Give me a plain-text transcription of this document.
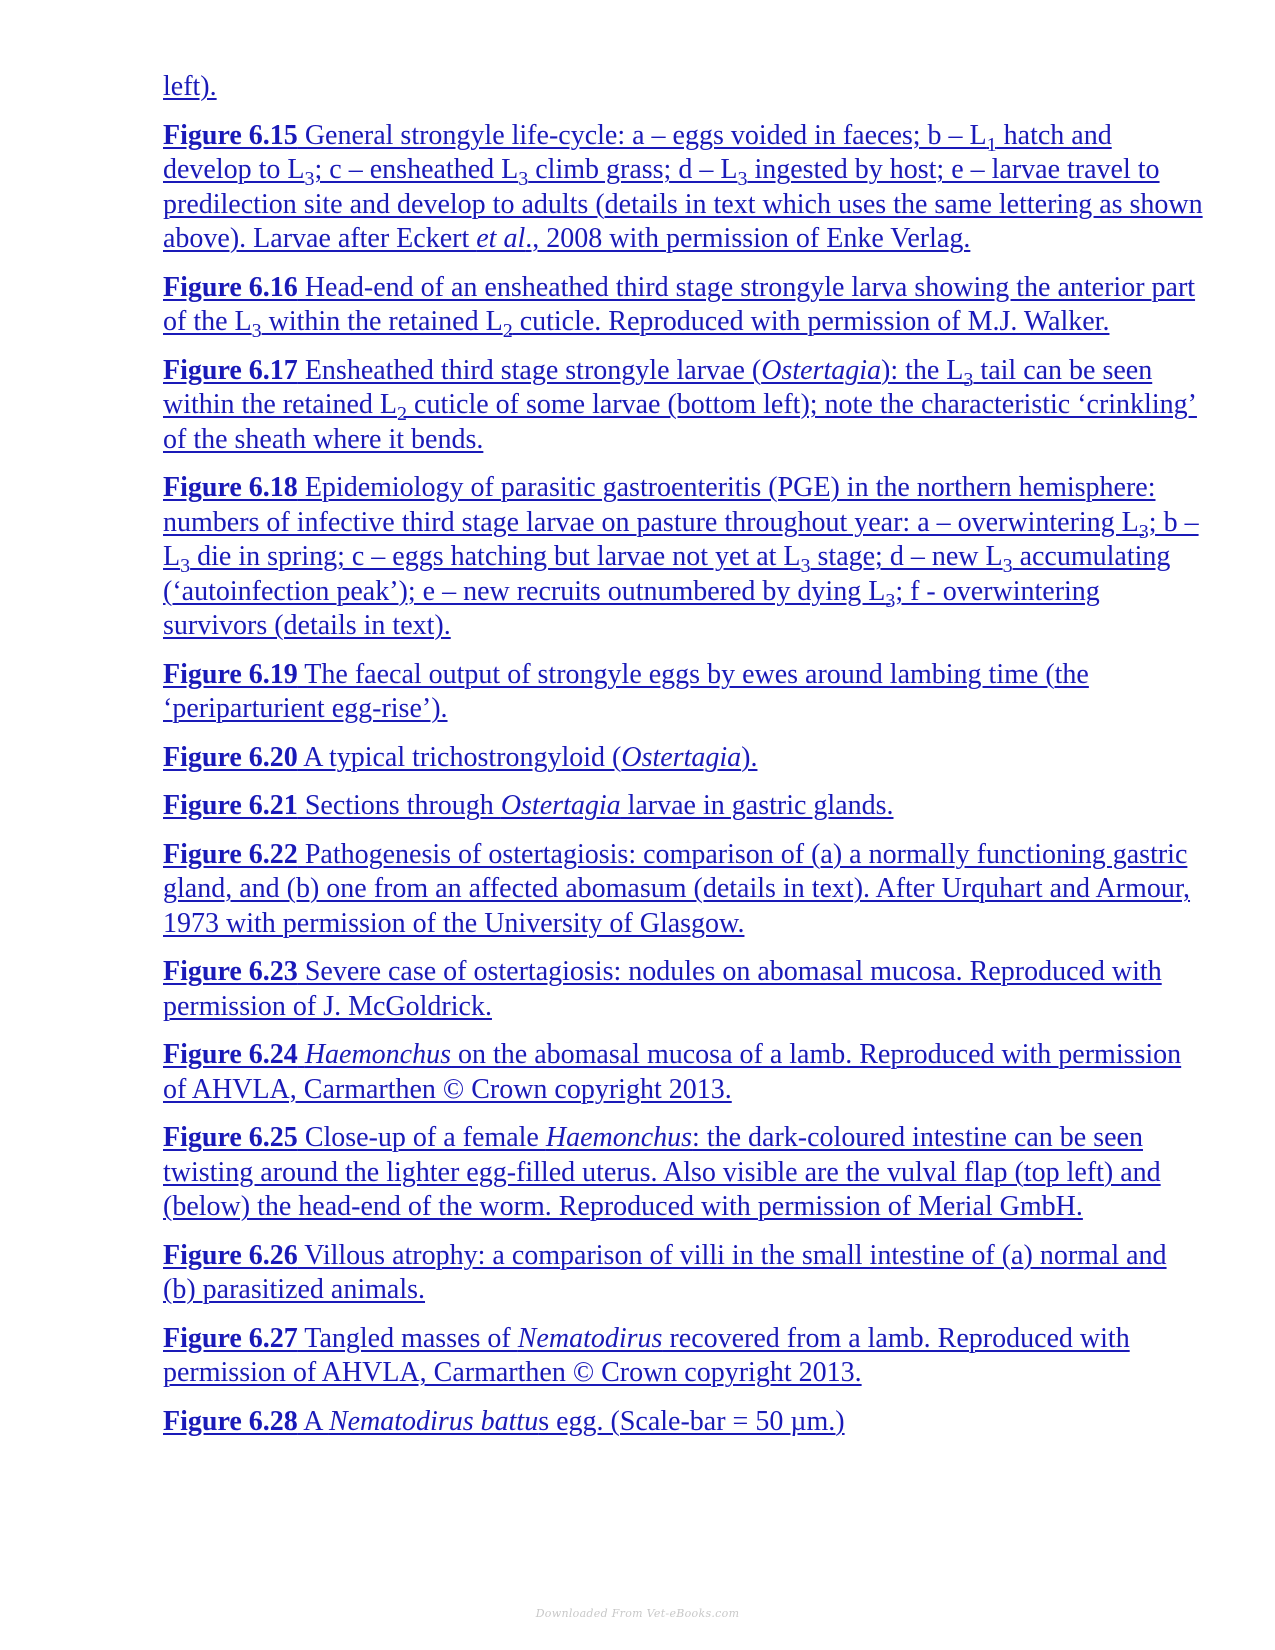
left).

Figure 6.15 General strongyle life-cycle: a – eggs voided in faeces; b – $L_1$ hatch and develop to $L_3$; c – ensheathed $L_3$ climb grass; d – $L_3$ ingested by host; e – larvae travel to predilection site and develop to adults (details in text which uses the same lettering as shown above). Larvae after Eckert et al., 2008 with permission of Enke Verlag.

Figure 6.16 Head-end of an ensheathed third stage strongyle larva showing the anterior part of the $L_3$ within the retained $L_2$ cuticle. Reproduced with permission of M.J. Walker.

Figure 6.17 Ensheathed third stage strongyle larvae (Ostertagia): the $L_3$ tail can be seen within the retained $L_2$ cuticle of some larvae (bottom left); note the characteristic ‘crinkling’ of the sheath where it bends.

Figure 6.18 Epidemiology of parasitic gastroenteritis (PGE) in the northern hemisphere: numbers of infective third stage larvae on pasture throughout year: a – overwintering $L_3$; b – $L_3$ die in spring; c – eggs hatching but larvae not yet at $L_3$ stage; d – new $L_3$ accumulating (‘autoinfection peak’); e – new recruits outnumbered by dying $L_3$; f - overwintering survivors (details in text).

Figure 6.19 The faecal output of strongyle eggs by ewes around lambing time (the ‘periparturient egg-rise’).

Figure 6.20 A typical trichostrongyloid (Ostertagia).

Figure 6.21 Sections through Ostertagia larvae in gastric glands.

Figure 6.22 Pathogenesis of ostertagiosis: comparison of (a) a normally functioning gastric gland, and (b) one from an affected abomasum (details in text). After Urquhart and Armour, 1973 with permission of the University of Glasgow.

Figure 6.23 Severe case of ostertagiosis: nodules on abomasal mucosa. Reproduced with permission of J. McGoldrick.

Figure 6.24 Haemonchus on the abomasal mucosa of a lamb. Reproduced with permission of AHVLA, Carmarthen © Crown copyright 2013.

Figure 6.25 Close-up of a female Haemonchus: the dark-coloured intestine can be seen twisting around the lighter egg-filled uterus. Also visible are the vulval flap (top left) and (below) the head-end of the worm. Reproduced with permission of Merial GmbH.

Figure 6.26 Villous atrophy: a comparison of villi in the small intestine of (a) normal and (b) parasitized animals.

Figure 6.27 Tangled masses of Nematodirus recovered from a lamb. Reproduced with permission of AHVLA, Carmarthen © Crown copyright 2013.

Figure 6.28 A Nematodirus battus egg. (Scale-bar = 50 µm.)

Downloaded From Vet-eBooks.com
